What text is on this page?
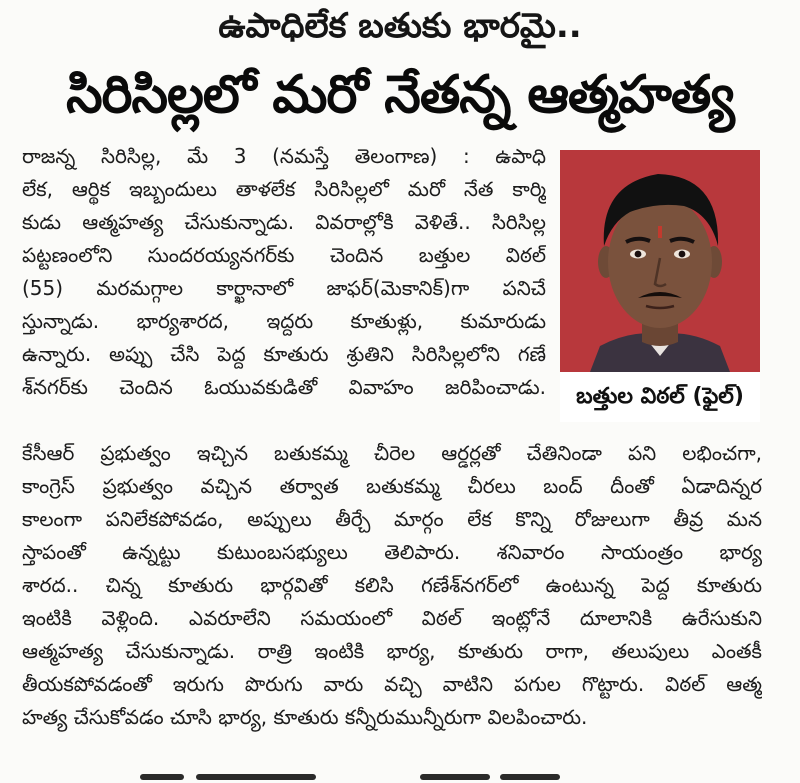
ఉపాధిలేక బతుకు భారమై..
సిరిసిల్లలో మరో నేతన్న ఆత్మహత్య
బత్తుల విఠల్ (ఫైల్)
రాజన్న సిరిసిల్ల, మే 3 (నమస్తే తెలంగాణ) : ఉపాధి
లేక, ఆర్థిక ఇబ్బందులు తాళలేక సిరిసిల్లలో మరో నేత కార్మి
కుడు ఆత్మహత్య చేసుకున్నాడు. వివరాల్లోకి వెళితే.. సిరిసిల్ల
పట్టణంలోని సుందరయ్యనగర్‌కు చెందిన బత్తుల విఠల్
(55) మరమగ్గాల కార్ఖానాలో జాఫర్(మెకానిక్)గా పనిచే
స్తున్నాడు. భార్యశారద, ఇద్దరు కూతుళ్లు, కుమారుడు
ఉన్నారు. అప్పు చేసి పెద్ద కూతురు శ్రుతిని సిరిసిల్లలోని గణే
శ్‌నగర్‌కు చెందిన ఓయువకుడితో వివాహం జరిపించాడు.
కేసీఆర్ ప్రభుత్వం ఇచ్చిన బతుకమ్మ చీరెల ఆర్డర్లతో చేతినిండా పని లభించగా,
కాంగ్రెస్ ప్రభుత్వం వచ్చిన తర్వాత బతుకమ్మ చీరలు బంద్ దీంతో ఏడాదిన్నర
కాలంగా పనిలేకపోవడం, అప్పులు తీర్చే మార్గం లేక కొన్ని రోజులుగా తీవ్ర మన
స్తాపంతో ఉన్నట్టు కుటుంబసభ్యులు తెలిపారు. శనివారం సాయంత్రం భార్య
శారద.. చిన్న కూతురు భార్గవితో కలిసి గణేశ్‌నగర్‌లో ఉంటున్న పెద్ద కూతురు
ఇంటికి వెళ్లింది. ఎవరూలేని సమయంలో విఠల్ ఇంట్లోనే దూలానికి ఉరేసుకుని
ఆత్మహత్య చేసుకున్నాడు. రాత్రి ఇంటికి భార్య, కూతురు రాగా, తలుపులు ఎంతకీ
తీయకపోవడంతో ఇరుగు పొరుగు వారు వచ్చి వాటిని పగుల గొట్టారు. విఠల్ ఆత్మ
హత్య చేసుకోవడం చూసి భార్య, కూతురు కన్నీరుమున్నీరుగా విలపించారు.
